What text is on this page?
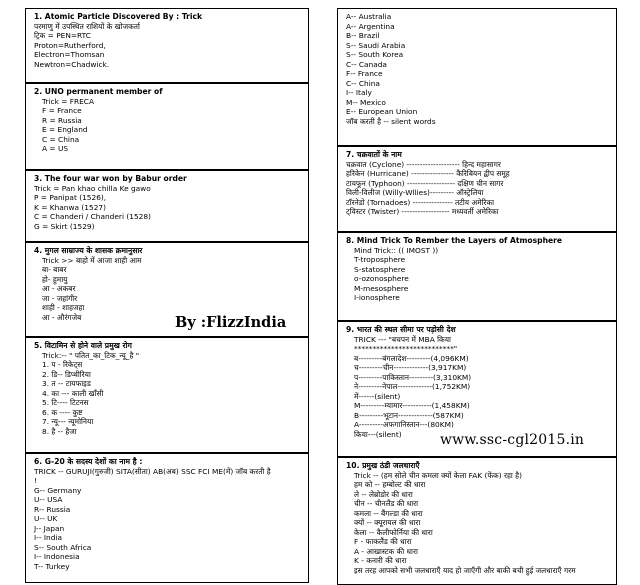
1. Atomic Particle Discovered By : Trick
परमाणु में उपस्थित राशियों के खोजकर्ता
ट्रिक = PEN=RTC
Proton=Rutherford,
Electron=Thomsan
Newtron=Chadwick.
2. UNO permanent member of
Trick = FRECA
F = France
R = Russia
E = England
C = China
A = US
3. The four war won by Babur order
Trick = Pan khao chilla Ke gawo
P = Panipat (1526),
K = Khanwa (1527)
C = Chanderi / Chanderi (1528)
G = Skirt (1529)
4. मुगल साम्राज्य के शासक क्रमानुसार
Trick >> बाहो में आजा शाही आम
बा- बाबर
हो- हुमायु
आ - अकबर
जा - जहांगीर
शाही - शाहजहा
आ - औरंगजेब
5. विटामिन से होने वाले प्रमुख रोग
Trick:-- " पतित_का_टिक_न्यू_है "
1. प - रिकेट्स
2. डि-- डिप्थीरिया
3. त -- टायफाइड
4. का --- काली खाँसी
5. टि---- टिटनस
6. क ---- कुष्ट
7. न्यू--- न्यूमोनिया
8. है -- हैजा
6. G-20 के सदस्य देशों का नाम है :
TRICK -- GURUJI(गुरुजी) SITA(सीता) AB(अब) SSC FCI ME(में) जॉब करती है
!
G-- Germany
U-- USA
R-- Russia
U-- UK
J-- Japan
I-- India
S-- South Africa
I-- Indonesia
T-- Turkey
A-- Australia
A-- Argentina
B-- Brazil
S-- Saudi Arabia
S-- South Korea
C-- Canada
F-- France
C-- China
I-- Italy
M-- Mexico
E-- European Union
जॉब करती है -- silent words
7. चक्रवातों के नाम
चक्रवात (Cyclone) -------------------- हिन्द महासागर
हरिकेन (Hurricane) ---------------- कैरिबियन द्वीप समूह
टायफून (Typhoon) ------------------ दक्षिण चीन सागर
विली-विलीज (Willy-Wllies)--------- ऑस्ट्रेलिया
टॉरनेडो (Tornadoes) --------------- तटीय अमेरिका
ट्विस्टर (Twister) ------------------ मध्यवर्ती अमेरिका
8. Mind Trick To Rember the Layers of Atmosphere
Mind Trick:: (( IMOST ))
T-troposphere
S-statosphere
o-ozonosphere
M-mesosphere
I-ionosphere
9. भारत की स्थल सीमा पर पड़ोसी देश
TRICK --- "बचपन में MBA किया
***************************"
ब---------बंगलादेश---------(4,096KM)
च---------चीन-------------(3,917KM)
प---------पाकिस्तान---------(3,310KM)
ने---------नेपाल-------------(1,752KM)
में------(silent)
M---------म्यामार-----------(1,458KM)
B---------भूटान-------------(587KM)
A---------अफगानिस्तान---(80KM)
किया---(silent)
10. प्रमुख ठंडी जलधाराएँ
Trick -- (हम सोले चीन कमला क्यों केला FAK (फेंक) रहा है)
हम को -- हम्बोल्ट की धारा
ले -- लेब्रोडोर की धारा
चीन -- चीनलैंड की धारा
कमला -- बैंगल्डा की धारा
क्यों -- क्यूरायल की धारा
केला -- कैलीफोर्निया की धारा
F - फाकलैंड की धारा
A - आखास्टक की धारा
K - कनारी की धारा
इस तरह आपको सभी जलधाराएँ याद हो जाएँगी और बाकी बची हुई जलधाराएँ गरम
By :FlizzIndia
www.ssc-cgl2015.in
